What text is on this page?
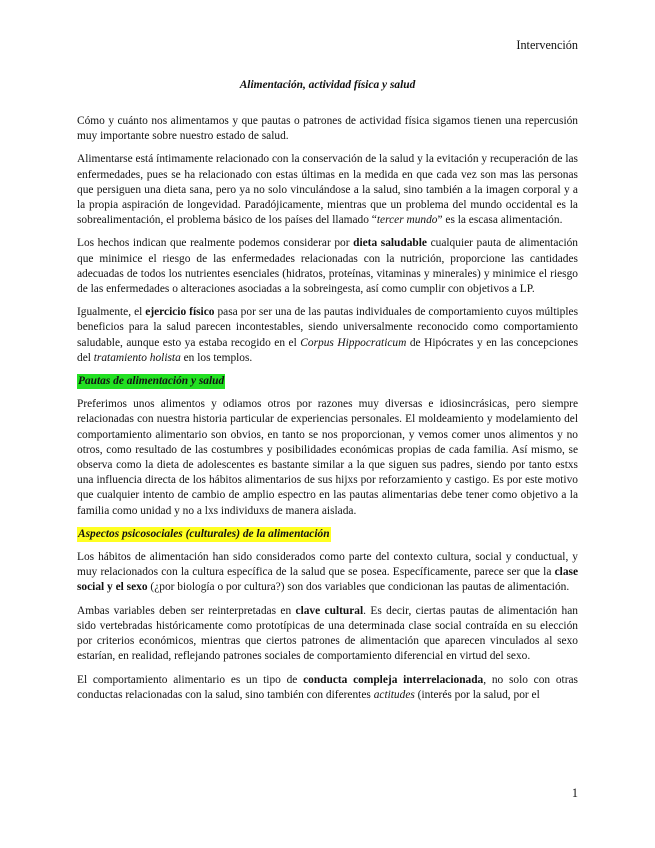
Intervención
Alimentación, actividad física y salud

Cómo y cuánto nos alimentamos y que pautas o patrones de actividad física sigamos tienen una repercusión muy importante sobre nuestro estado de salud.

Alimentarse está íntimamente relacionado con la conservación de la salud y la evitación y recuperación de las enfermedades, pues se ha relacionado con estas últimas en la medida en que cada vez son mas las personas que persiguen una dieta sana, pero ya no solo vinculándose a la salud, sino también a la imagen corporal y a la propia aspiración de longevidad. Paradójicamente, mientras que un problema del mundo occidental es la sobrealimentación, el problema básico de los países del llamado “tercer mundo” es la escasa alimentación.

Los hechos indican que realmente podemos considerar por dieta saludable cualquier pauta de alimentación que minimice el riesgo de las enfermedades relacionadas con la nutrición, proporcione las cantidades adecuadas de todos los nutrientes esenciales (hidratos, proteínas, vitaminas y minerales) y minimice el riesgo de las enfermedades o alteraciones asociadas a la sobreingesta, así como cumplir con objetivos a LP.

Igualmente, el ejercicio físico pasa por ser una de las pautas individuales de comportamiento cuyos múltiples beneficios para la salud parecen incontestables, siendo universalmente reconocido como comportamiento saludable, aunque esto ya estaba recogido en el Corpus Hippocraticum de Hipócrates y en las concepciones del tratamiento holista en los templos.

Pautas de alimentación y salud

Preferimos unos alimentos y odiamos otros por razones muy diversas e idiosincrásicas, pero siempre relacionadas con nuestra historia particular de experiencias personales. El moldeamiento y modelamiento del comportamiento alimentario son obvios, en tanto se nos proporcionan, y vemos comer unos alimentos y no otros, como resultado de las costumbres y posibilidades económicas propias de cada familia. Así mismo, se observa como la dieta de adolescentes es bastante similar a la que siguen sus padres, siendo por tanto estxs una influencia directa de los hábitos alimentarios de sus hijxs por reforzamiento y castigo. Es por este motivo que cualquier intento de cambio de amplio espectro en las pautas alimentarias debe tener como objetivo a la familia como unidad y no a lxs individuxs de manera aislada.

Aspectos psicosociales (culturales) de la alimentación

Los hábitos de alimentación han sido considerados como parte del contexto cultura, social y conductual, y muy relacionados con la cultura específica de la salud que se posea. Específicamente, parece ser que la clase social y el sexo (¿por biología o por cultura?) son dos variables que condicionan las pautas de alimentación.

Ambas variables deben ser reinterpretadas en clave cultural. Es decir, ciertas pautas de alimentación han sido vertebradas históricamente como prototípicas de una determinada clase social contraída en su elección por criterios económicos, mientras que ciertos patrones de alimentación que aparecen vinculados al sexo estarían, en realidad, reflejando patrones sociales de comportamiento diferencial en virtud del sexo.

El comportamiento alimentario es un tipo de conducta compleja interrelacionada, no solo con otras conductas relacionadas con la salud, sino también con diferentes actitudes (interés por la salud, por el

1
